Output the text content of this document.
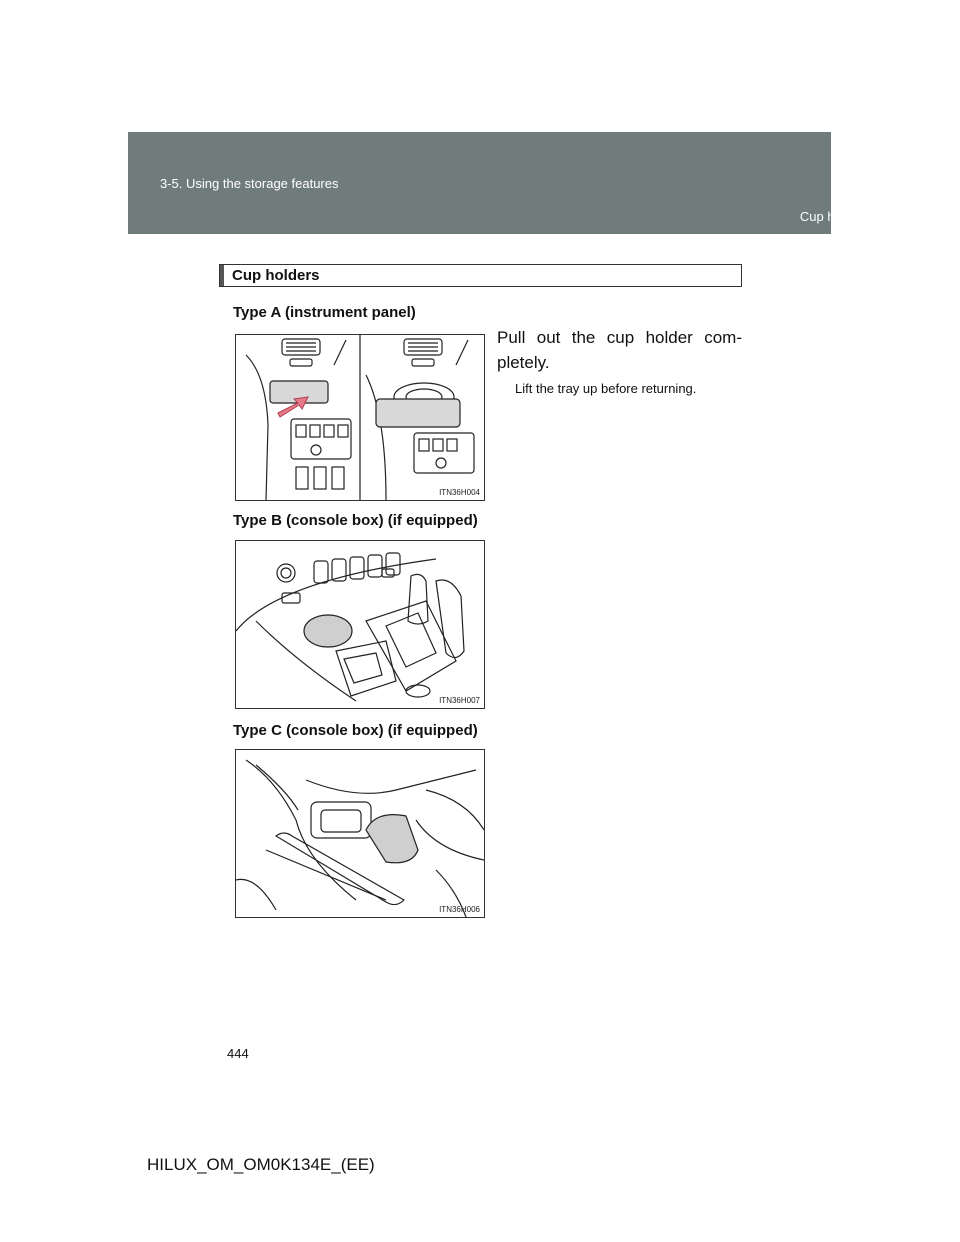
3-5. Using the storage features
Cup holders
Cup holders
Type A (instrument panel)
Pull out the cup holder com-pletely.
Lift the tray up before returning.
ITN36H004
Type B (console box) (if equipped)
ITN36H007
Type C (console box) (if equipped)
ITN36H006
444
HILUX_OM_OM0K134E_(EE)
